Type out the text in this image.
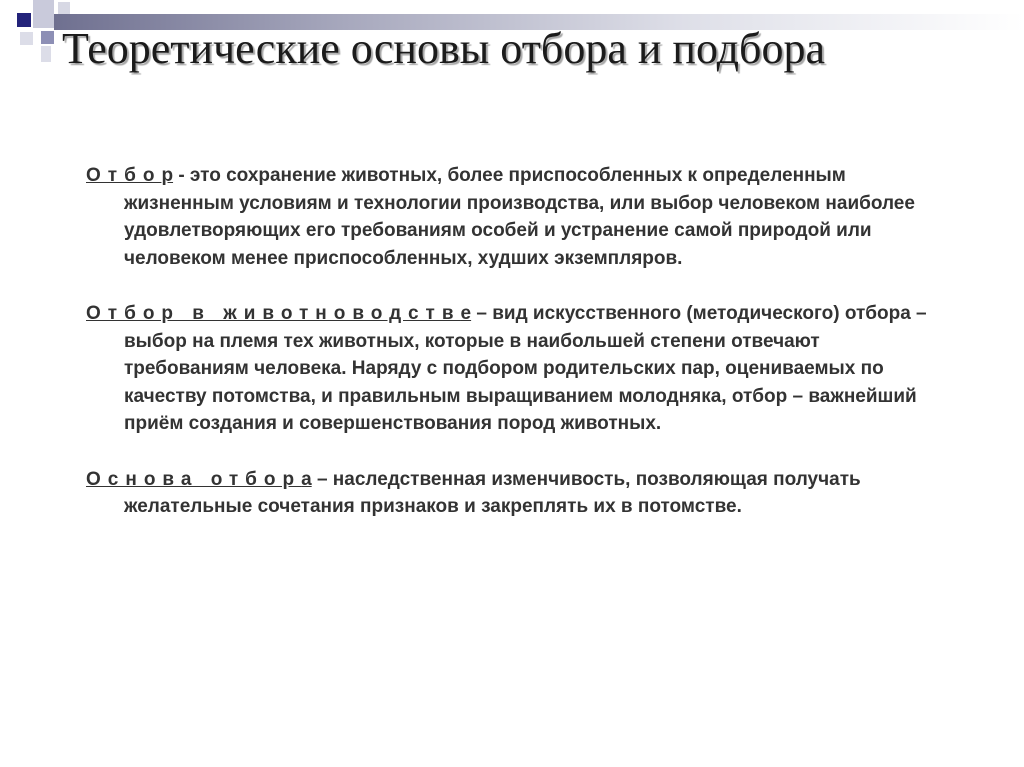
Теоретические основы отбора и подбора

Отбор - это сохранение животных, более приспособленных к определенным жизненным условиям и технологии производства, или выбор человеком наиболее удовлетворяющих его требованиям особей и устранение самой природой или человеком менее приспособленных, худших экземпляров.

Отбор в животноводстве – вид искусственного (методического) отбора – выбор на племя тех животных, которые в наибольшей степени отвечают требованиям человека. Наряду с подбором родительских пар, оцениваемых по качеству потомства, и правильным выращиванием молодняка, отбор – важнейший приём создания и совершенствования пород животных.

Основа отбора – наследственная изменчивость, позволяющая получать желательные сочетания признаков и закреплять их в потомстве.
